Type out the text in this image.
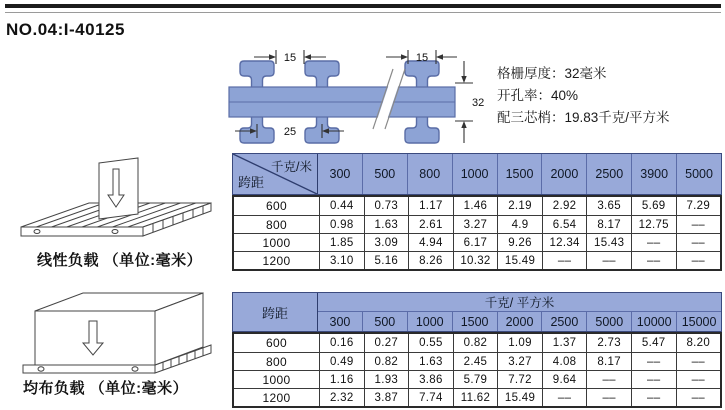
NO.04:I-40125
15	15
25
32
格栅厚度：32毫米
开孔率：40%
配三芯梢：19.83千克/平方米
线性负载 （单位:毫米）
均布负载 （单位:毫米）
千克/米
跨距
300	500	800	1000	1500	2000	2500	3900	5000
600	0.44	0.73	1.17	1.46	2.19	2.92	3.65	5.69	7.29
800	0.98	1.63	2.61	3.27	4.9	6.54	8.17	12.75	––
1000	1.85	3.09	4.94	6.17	9.26	12.34	15.43	––	––
1200	3.10	5.16	8.26	10.32	15.49	––	––	––	––
跨距
千克/ 平方米
300	500	1000	1500	2000	2500	5000	10000 15000
600	0.16	0.27	0.55	0.82	1.09	1.37	2.73	5.47	8.20
800	0.49	0.82	1.63	2.45	3.27	4.08	8.17	––	––
1000	1.16	1.93	3.86	5.79	7.72	9.64	––	––	––
1200	2.32	3.87	7.74	11.62	15.49	––	––	––	––
